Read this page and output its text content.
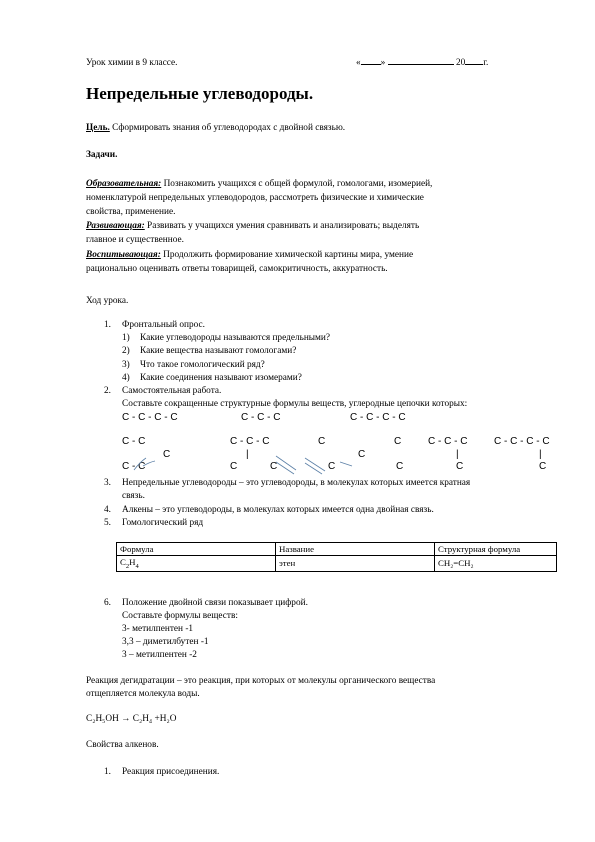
Урок химии в 9 классе.	« »	20 г.
Непредельные углеводороды.
Цель. Сформировать знания об углеводородах с двойной связью.
Задачи.
Образовательная: Познакомить учащихся с общей формулой, гомологами, изомерией,
номенклатурой непредельных углеводородов, рассмотреть физические и химические
свойства, применение.
Развивающая: Развивать у учащихся умения сравнивать и анализировать; выделять
главное и существенное.
Воспитывающая: Продолжить формирование химической картины мира, умение
рационально оценивать ответы товарищей, самокритичность, аккуратность.
Ход урока.
1. Фронтальный опрос.
1) Какие углеводороды называются предельными?
2) Какие вещества называют гомологами?
3) Что такое гомологический ряд?
4) Какие соединения называют изомерами?
2. Самостоятельная работа.
Составьте сокращенные структурные формулы веществ, углеродные цепочки которых:
C - C - C - C	C - C - C	C - C - C - C
C - C	C - C - C	C	C	C - C - C	C - C - C - C
C	|	C	|	|
C - C	C	C	C	C	C	C
3. Непредельные углеводороды – это углеводороды, в молекулах которых имеется кратная
связь.
4. Алкены – это углеводороды, в молекулах которых имеется одна двойная связь.
5. Гомологический ряд
Формула	Название	Структурная формула
$C_2H_4$	этен	CH₂=CH₂
6. Положение двойной связи показывает цифрой.
Составьте формулы веществ:
3- метилпентен -1
3,3 – диметилбутен -1
3 – метилпентен -2
Реакция дегидратации – это реакция, при которых от молекулы органического вещества
отщепляется молекула воды.
C₂H₅OH → C₂H₄ +H₂O
Свойства алкенов.
1. Реакция присоединения.
